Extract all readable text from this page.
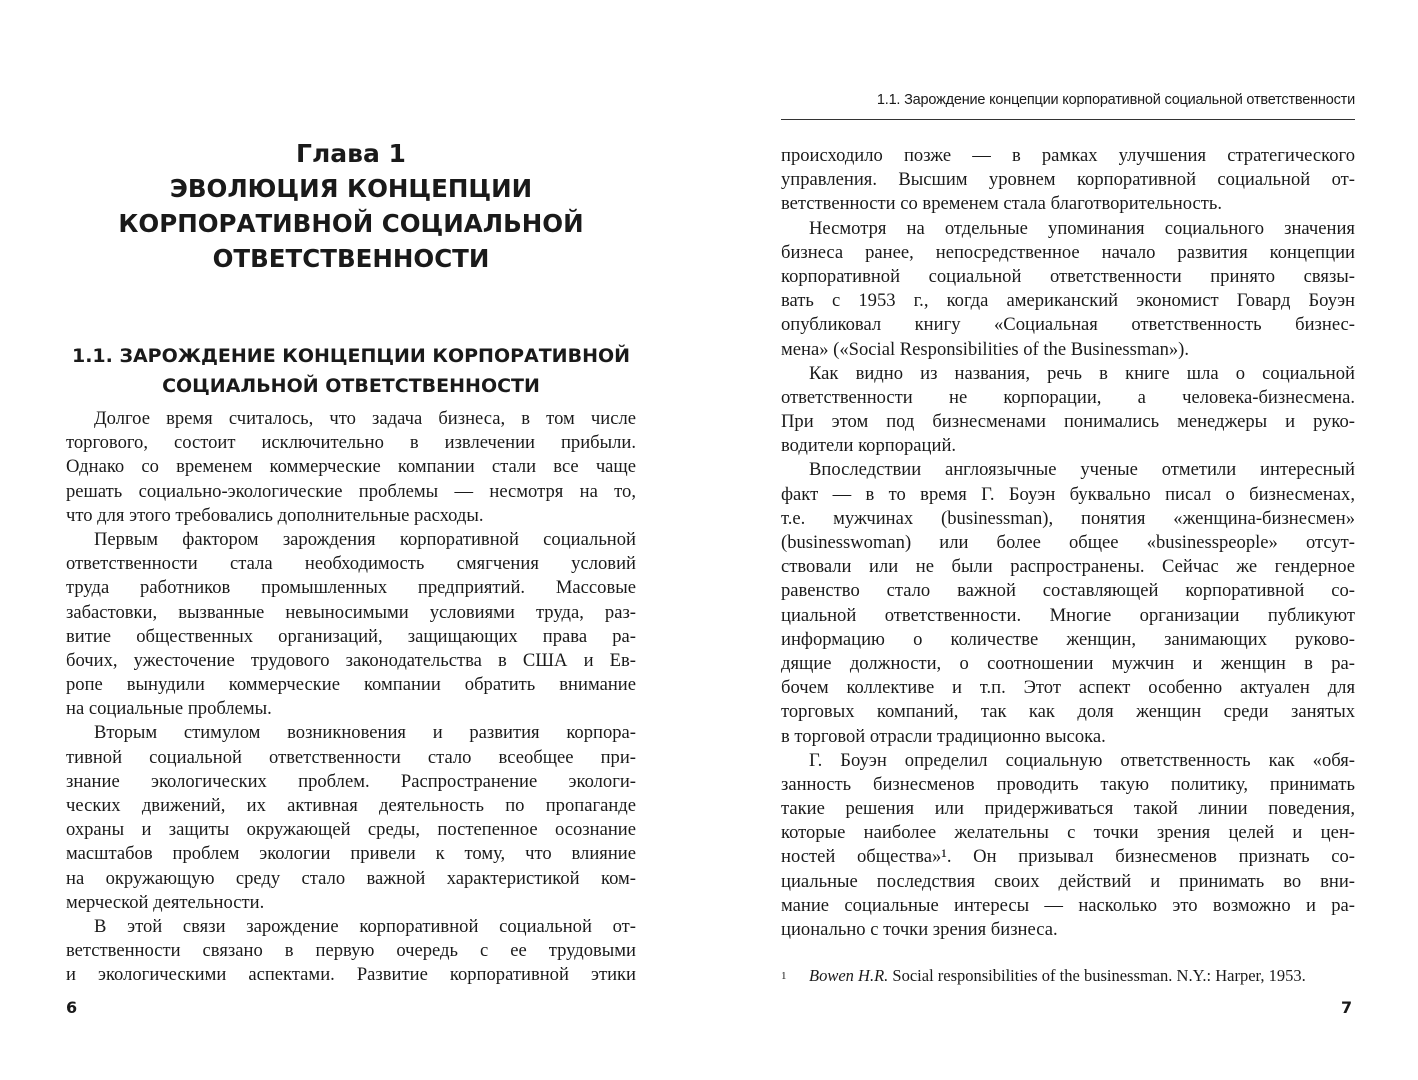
Глава 1
ЭВОЛЮЦИЯ КОНЦЕПЦИИ
КОРПОРАТИВНОЙ СОЦИАЛЬНОЙ
ОТВЕТСТВЕННОСТИ
1.1. ЗАРОЖДЕНИЕ КОНЦЕПЦИИ КОРПОРАТИВНОЙ
СОЦИАЛЬНОЙ ОТВЕТСТВЕННОСТИ
Долгое время считалось, что задача бизнеса, в том числе
торгового, состоит исключительно в извлечении прибыли.
Однако со временем коммерческие компании стали все чаще
решать социально-экологические проблемы — несмотря на то,
что для этого требовались дополнительные расходы.
Первым фактором зарождения корпоративной социальной
ответственности стала необходимость смягчения условий
труда работников промышленных предприятий. Массовые
забастовки, вызванные невыносимыми условиями труда, раз-
витие общественных организаций, защищающих права ра-
бочих, ужесточение трудового законодательства в США и Ев-
ропе вынудили коммерческие компании обратить внимание
на социальные проблемы.
Вторым стимулом возникновения и развития корпора-
тивной социальной ответственности стало всеобщее при-
знание экологических проблем. Распространение экологи-
ческих движений, их активная деятельность по пропаганде
охраны и защиты окружающей среды, постепенное осознание
масштабов проблем экологии привели к тому, что влияние
на окружающую среду стало важной характеристикой ком-
мерческой деятельности.
В этой связи зарождение корпоративной социальной от-
ветственности связано в первую очередь с ее трудовыми
и экологическими аспектами. Развитие корпоративной этики
6
1.1. Зарождение концепции корпоративной социальной ответственности
происходило позже — в рамках улучшения стратегического
управления. Высшим уровнем корпоративной социальной от-
ветственности со временем стала благотворительность.
Несмотря на отдельные упоминания социального значения
бизнеса ранее, непосредственное начало развития концепции
корпоративной социальной ответственности принято связы-
вать с 1953 г., когда американский экономист Говард Боуэн
опубликовал книгу «Социальная ответственность бизнес-
мена» («Social Responsibilities of the Businessman»).
Как видно из названия, речь в книге шла о социальной
ответственности не корпорации, а человека-бизнесмена.
При этом под бизнесменами понимались менеджеры и руко-
водители корпораций.
Впоследствии англоязычные ученые отметили интересный
факт — в то время Г. Боуэн буквально писал о бизнесменах,
т.е. мужчинах (businessman), понятия «женщина-бизнесмен»
(businesswoman) или более общее «businesspeople» отсут-
ствовали или не были распространены. Сейчас же гендерное
равенство стало важной составляющей корпоративной со-
циальной ответственности. Многие организации публикуют
информацию о количестве женщин, занимающих руково-
дящие должности, о соотношении мужчин и женщин в ра-
бочем коллективе и т.п. Этот аспект особенно актуален для
торговых компаний, так как доля женщин среди занятых
в торговой отрасли традиционно высока.
Г. Боуэн определил социальную ответственность как «обя-
занность бизнесменов проводить такую политику, принимать
такие решения или придерживаться такой линии поведения,
которые наиболее желательны с точки зрения целей и цен-
ностей общества»¹. Он призывал бизнесменов признать со-
циальные последствия своих действий и принимать во вни-
мание социальные интересы — насколько это возможно и ра-
ционально с точки зрения бизнеса.
1 Bowen H.R. Social responsibilities of the businessman. N.Y.: Harper, 1953.
7
